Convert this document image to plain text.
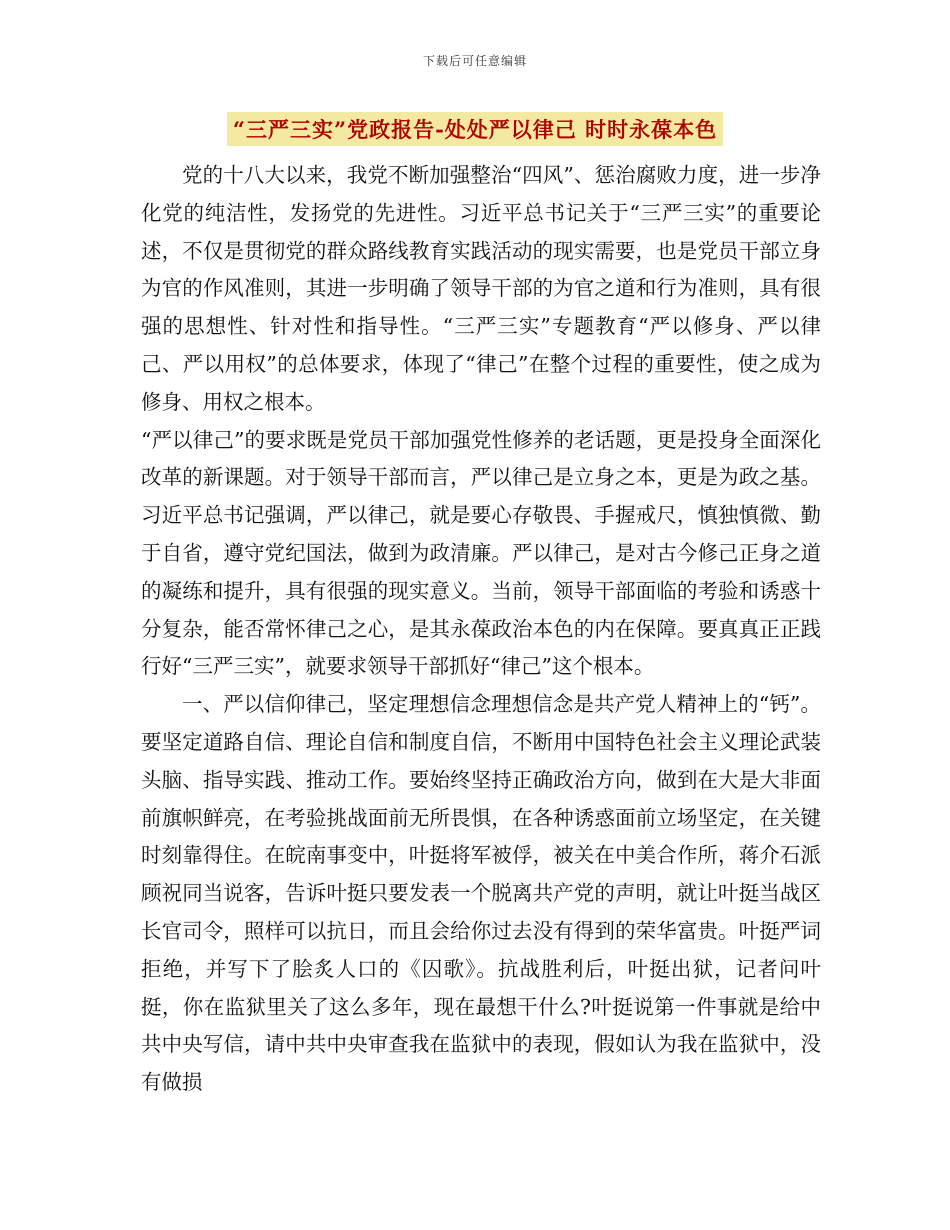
下载后可任意编辑
“三严三实”党政报告-处处严以律己 时时永葆本色

党的十八大以来，我党不断加强整治“四风”、惩治腐败力度，进一步净化党的纯洁性，发扬党的先进性。习近平总书记关于“三严三实”的重要论述，不仅是贯彻党的群众路线教育实践活动的现实需要，也是党员干部立身为官的作风准则，其进一步明确了领导干部的为官之道和行为准则，具有很强的思想性、针对性和指导性。“三严三实”专题教育“严以修身、严以律己、严以用权”的总体要求，体现了“律己”在整个过程的重要性，使之成为修身、用权之根本。

“严以律己”的要求既是党员干部加强党性修养的老话题，更是投身全面深化改革的新课题。对于领导干部而言，严以律己是立身之本，更是为政之基。习近平总书记强调，严以律己，就是要心存敬畏、手握戒尺，慎独慎微、勤于自省，遵守党纪国法，做到为政清廉。严以律己，是对古今修己正身之道的凝练和提升，具有很强的现实意义。当前，领导干部面临的考验和诱惑十分复杂，能否常怀律己之心，是其永葆政治本色的内在保障。要真真正正践行好“三严三实”，就要求领导干部抓好“律己”这个根本。

一、严以信仰律己，坚定理想信念理想信念是共产党人精神上的“钙”。要坚定道路自信、理论自信和制度自信，不断用中国特色社会主义理论武装头脑、指导实践、推动工作。要始终坚持正确政治方向，做到在大是大非面前旗帜鲜亮，在考验挑战面前无所畏惧，在各种诱惑面前立场坚定，在关键时刻靠得住。在皖南事变中，叶挺将军被俘，被关在中美合作所，蒋介石派顾祝同当说客，告诉叶挺只要发表一个脱离共产党的声明，就让叶挺当战区长官司令，照样可以抗日，而且会给你过去没有得到的荣华富贵。叶挺严词拒绝，并写下了脍炙人口的《囚歌》。抗战胜利后，叶挺出狱，记者问叶挺，你在监狱里关了这么多年，现在最想干什么?叶挺说第一件事就是给中共中央写信，请中共中央审查我在监狱中的表现，假如认为我在监狱中，没有做损
